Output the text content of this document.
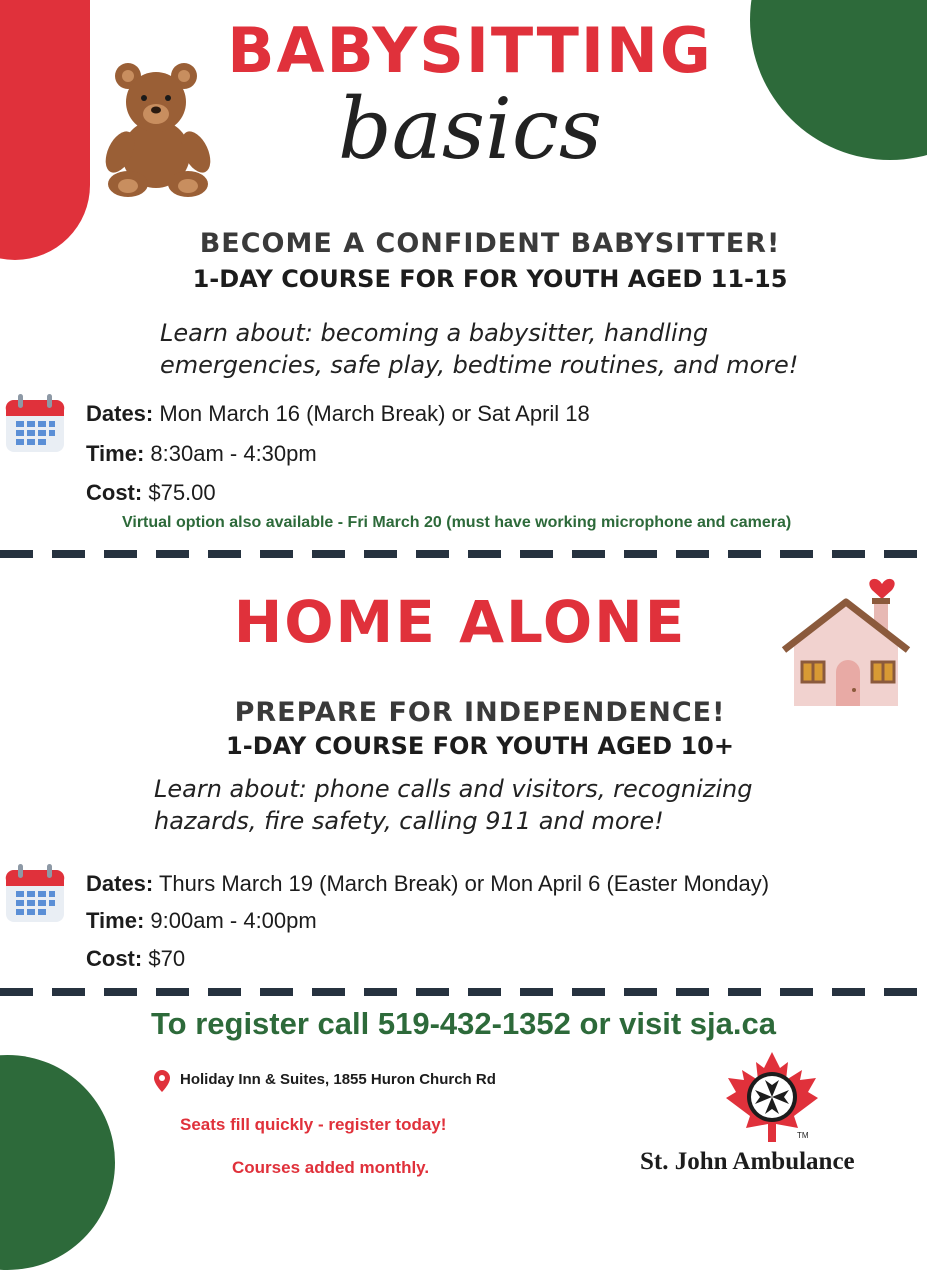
BABYSITTING
basics
BECOME A CONFIDENT BABYSITTER!
1-DAY COURSE FOR FOR YOUTH AGED 11-15
Learn about: becoming a babysitter, handling emergencies, safe play, bedtime routines, and more!
Dates: Mon March 16 (March Break) or Sat April 18
Time: 8:30am - 4:30pm
Cost: $75.00
Virtual option also available - Fri March 20 (must have working microphone and camera)
HOME ALONE
PREPARE FOR INDEPENDENCE!
1-DAY COURSE FOR YOUTH AGED 10+
Learn about: phone calls and visitors, recognizing hazards, fire safety, calling 911 and more!
Dates: Thurs March 19 (March Break) or Mon April 6 (Easter Monday)
Time: 9:00am - 4:00pm
Cost: $70
To register call 519-432-1352 or visit sja.ca
Holiday Inn & Suites, 1855 Huron Church Rd
Seats fill quickly - register today!
Courses added monthly.
TM
St. John Ambulance
